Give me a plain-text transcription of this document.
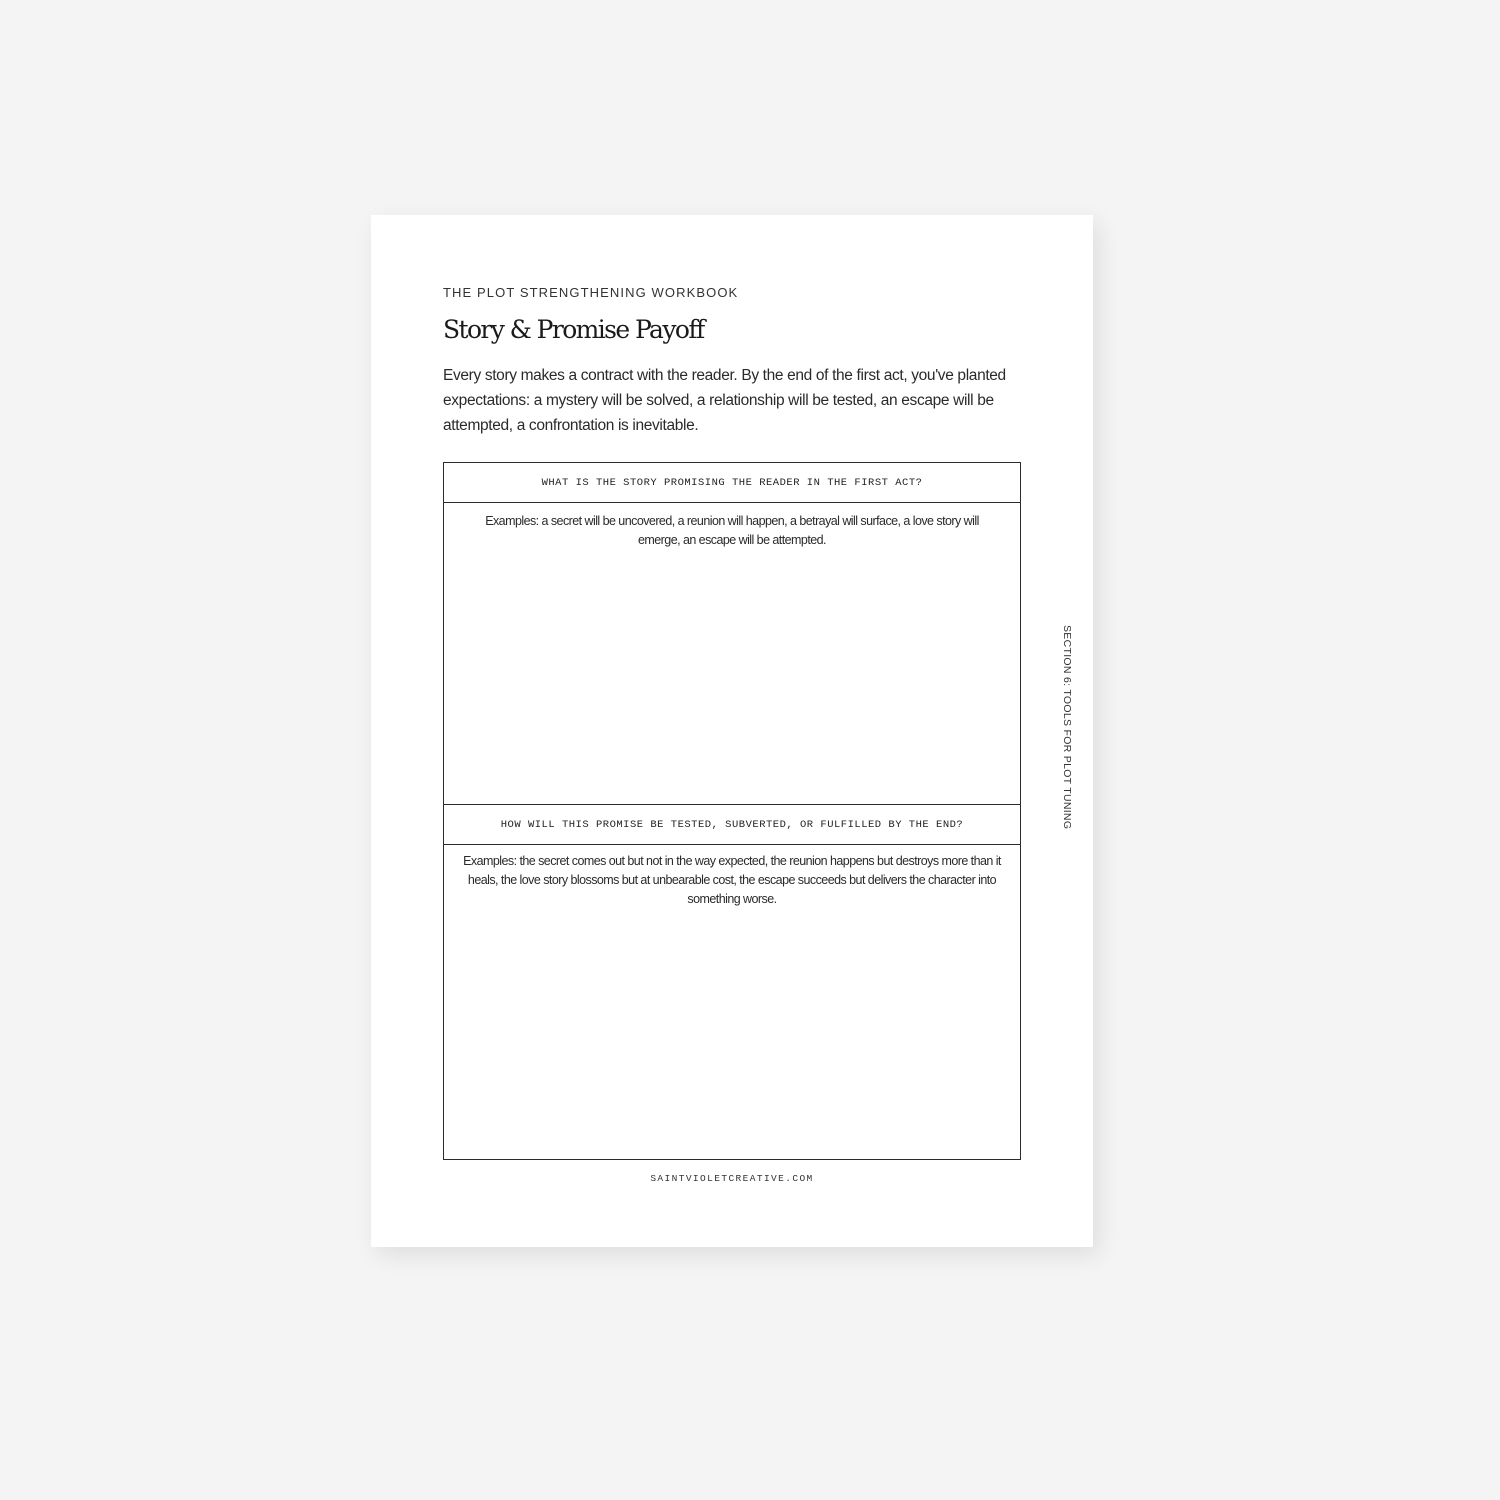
THE PLOT STRENGTHENING WORKBOOK

Story & Promise Payoff

Every story makes a contract with the reader. By the end of the first act, you've planted expectations: a mystery will be solved, a relationship will be tested, an escape will be attempted, a confrontation is inevitable.

WHAT IS THE STORY PROMISING THE READER IN THE FIRST ACT?

Examples: a secret will be uncovered, a reunion will happen, a betrayal will surface, a love story will emerge, an escape will be attempted.

HOW WILL THIS PROMISE BE TESTED, SUBVERTED, OR FULFILLED BY THE END?

Examples: the secret comes out but not in the way expected, the reunion happens but destroys more than it heals, the love story blossoms but at unbearable cost, the escape succeeds but delivers the character into something worse.

SAINTVIOLETCREATIVE.COM

SECTION 6: TOOLS FOR PLOT TUNING
